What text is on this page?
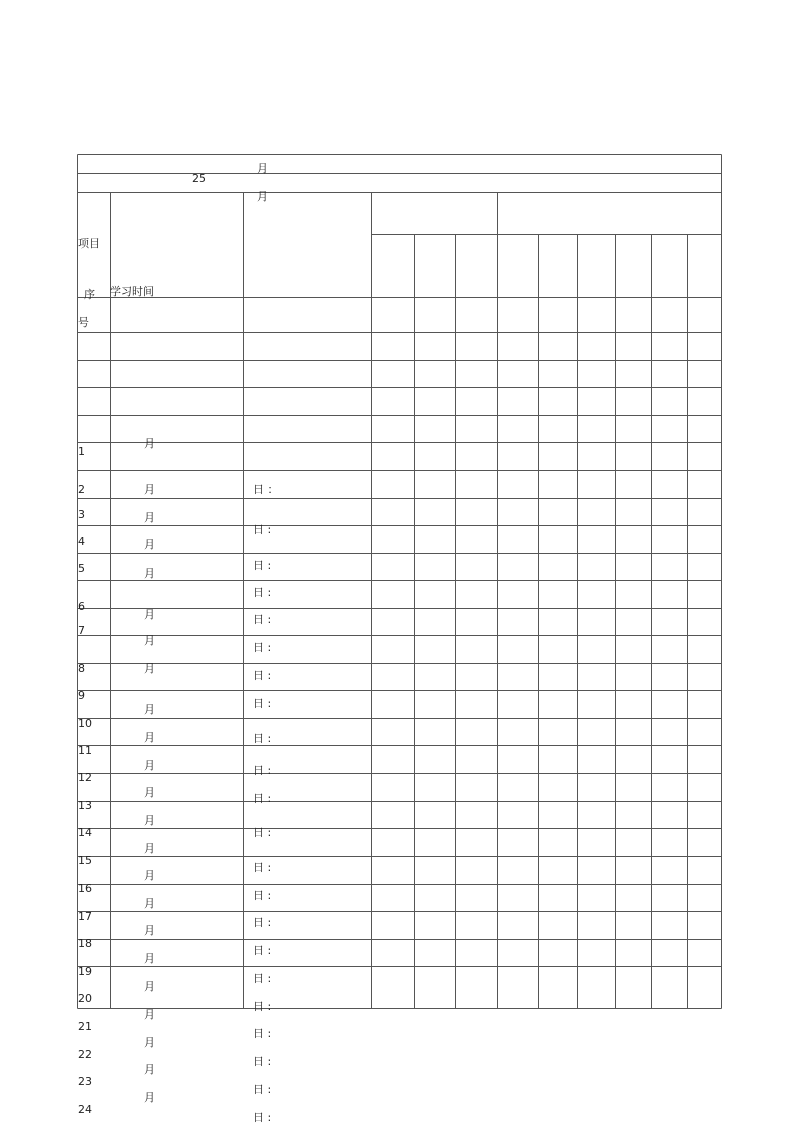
月
25
月
项目
学习时间
序
号
1
2
3
4
5
6
7
8
9
10
11
12
13
14
15
16
17
18
19
20
21
22
23
24
月
月
月
月
月
月
月
月
月
月
月
月
月
月
月
月
月
月
月
月
月
月
月
日 ：
日 :
日 :
日 :
日 :
日 :
日 :
日 :
日 :
日 :
日 :
日 :
日 :
日 :
日 :
日 :
日 :
日 :
日 :
日 :
日 :
日 :
